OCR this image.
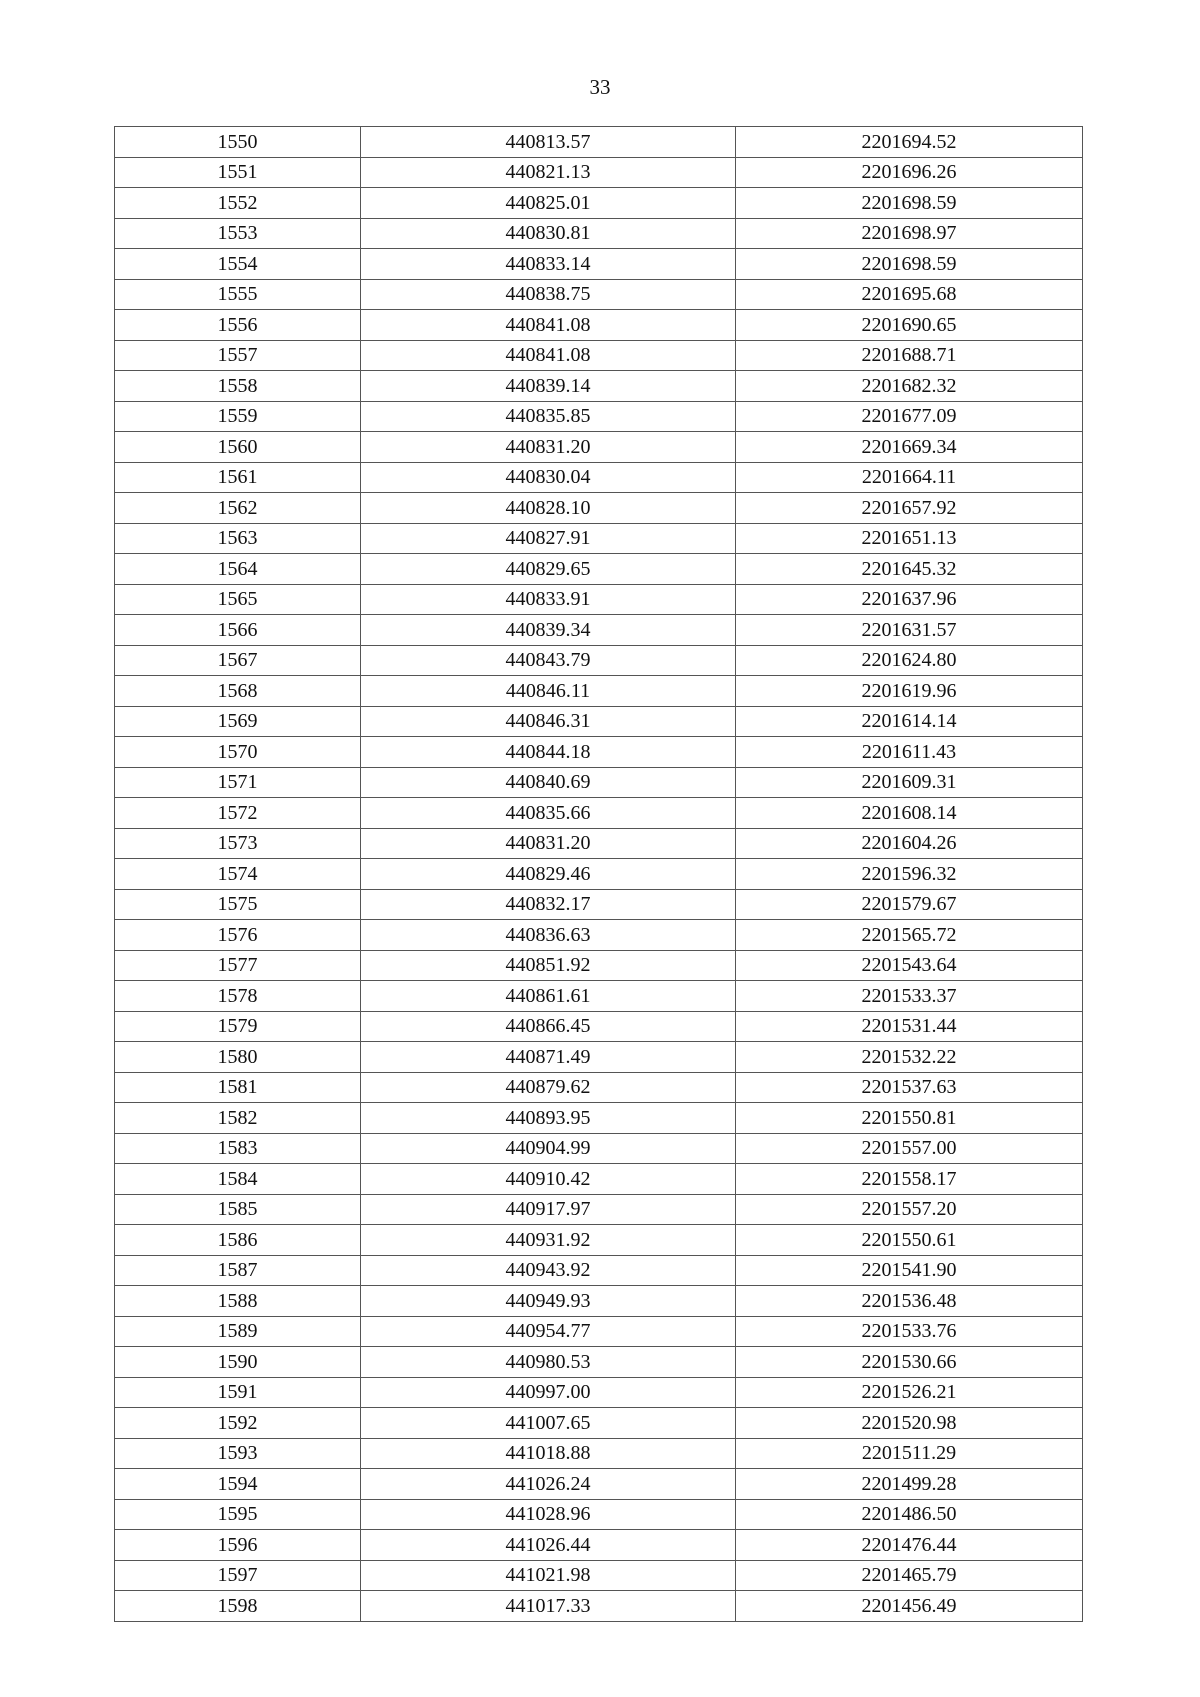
33
1550	440813.57	2201694.52
1551	440821.13	2201696.26
1552	440825.01	2201698.59
1553	440830.81	2201698.97
1554	440833.14	2201698.59
1555	440838.75	2201695.68
1556	440841.08	2201690.65
1557	440841.08	2201688.71
1558	440839.14	2201682.32
1559	440835.85	2201677.09
1560	440831.20	2201669.34
1561	440830.04	2201664.11
1562	440828.10	2201657.92
1563	440827.91	2201651.13
1564	440829.65	2201645.32
1565	440833.91	2201637.96
1566	440839.34	2201631.57
1567	440843.79	2201624.80
1568	440846.11	2201619.96
1569	440846.31	2201614.14
1570	440844.18	2201611.43
1571	440840.69	2201609.31
1572	440835.66	2201608.14
1573	440831.20	2201604.26
1574	440829.46	2201596.32
1575	440832.17	2201579.67
1576	440836.63	2201565.72
1577	440851.92	2201543.64
1578	440861.61	2201533.37
1579	440866.45	2201531.44
1580	440871.49	2201532.22
1581	440879.62	2201537.63
1582	440893.95	2201550.81
1583	440904.99	2201557.00
1584	440910.42	2201558.17
1585	440917.97	2201557.20
1586	440931.92	2201550.61
1587	440943.92	2201541.90
1588	440949.93	2201536.48
1589	440954.77	2201533.76
1590	440980.53	2201530.66
1591	440997.00	2201526.21
1592	441007.65	2201520.98
1593	441018.88	2201511.29
1594	441026.24	2201499.28
1595	441028.96	2201486.50
1596	441026.44	2201476.44
1597	441021.98	2201465.79
1598	441017.33	2201456.49
